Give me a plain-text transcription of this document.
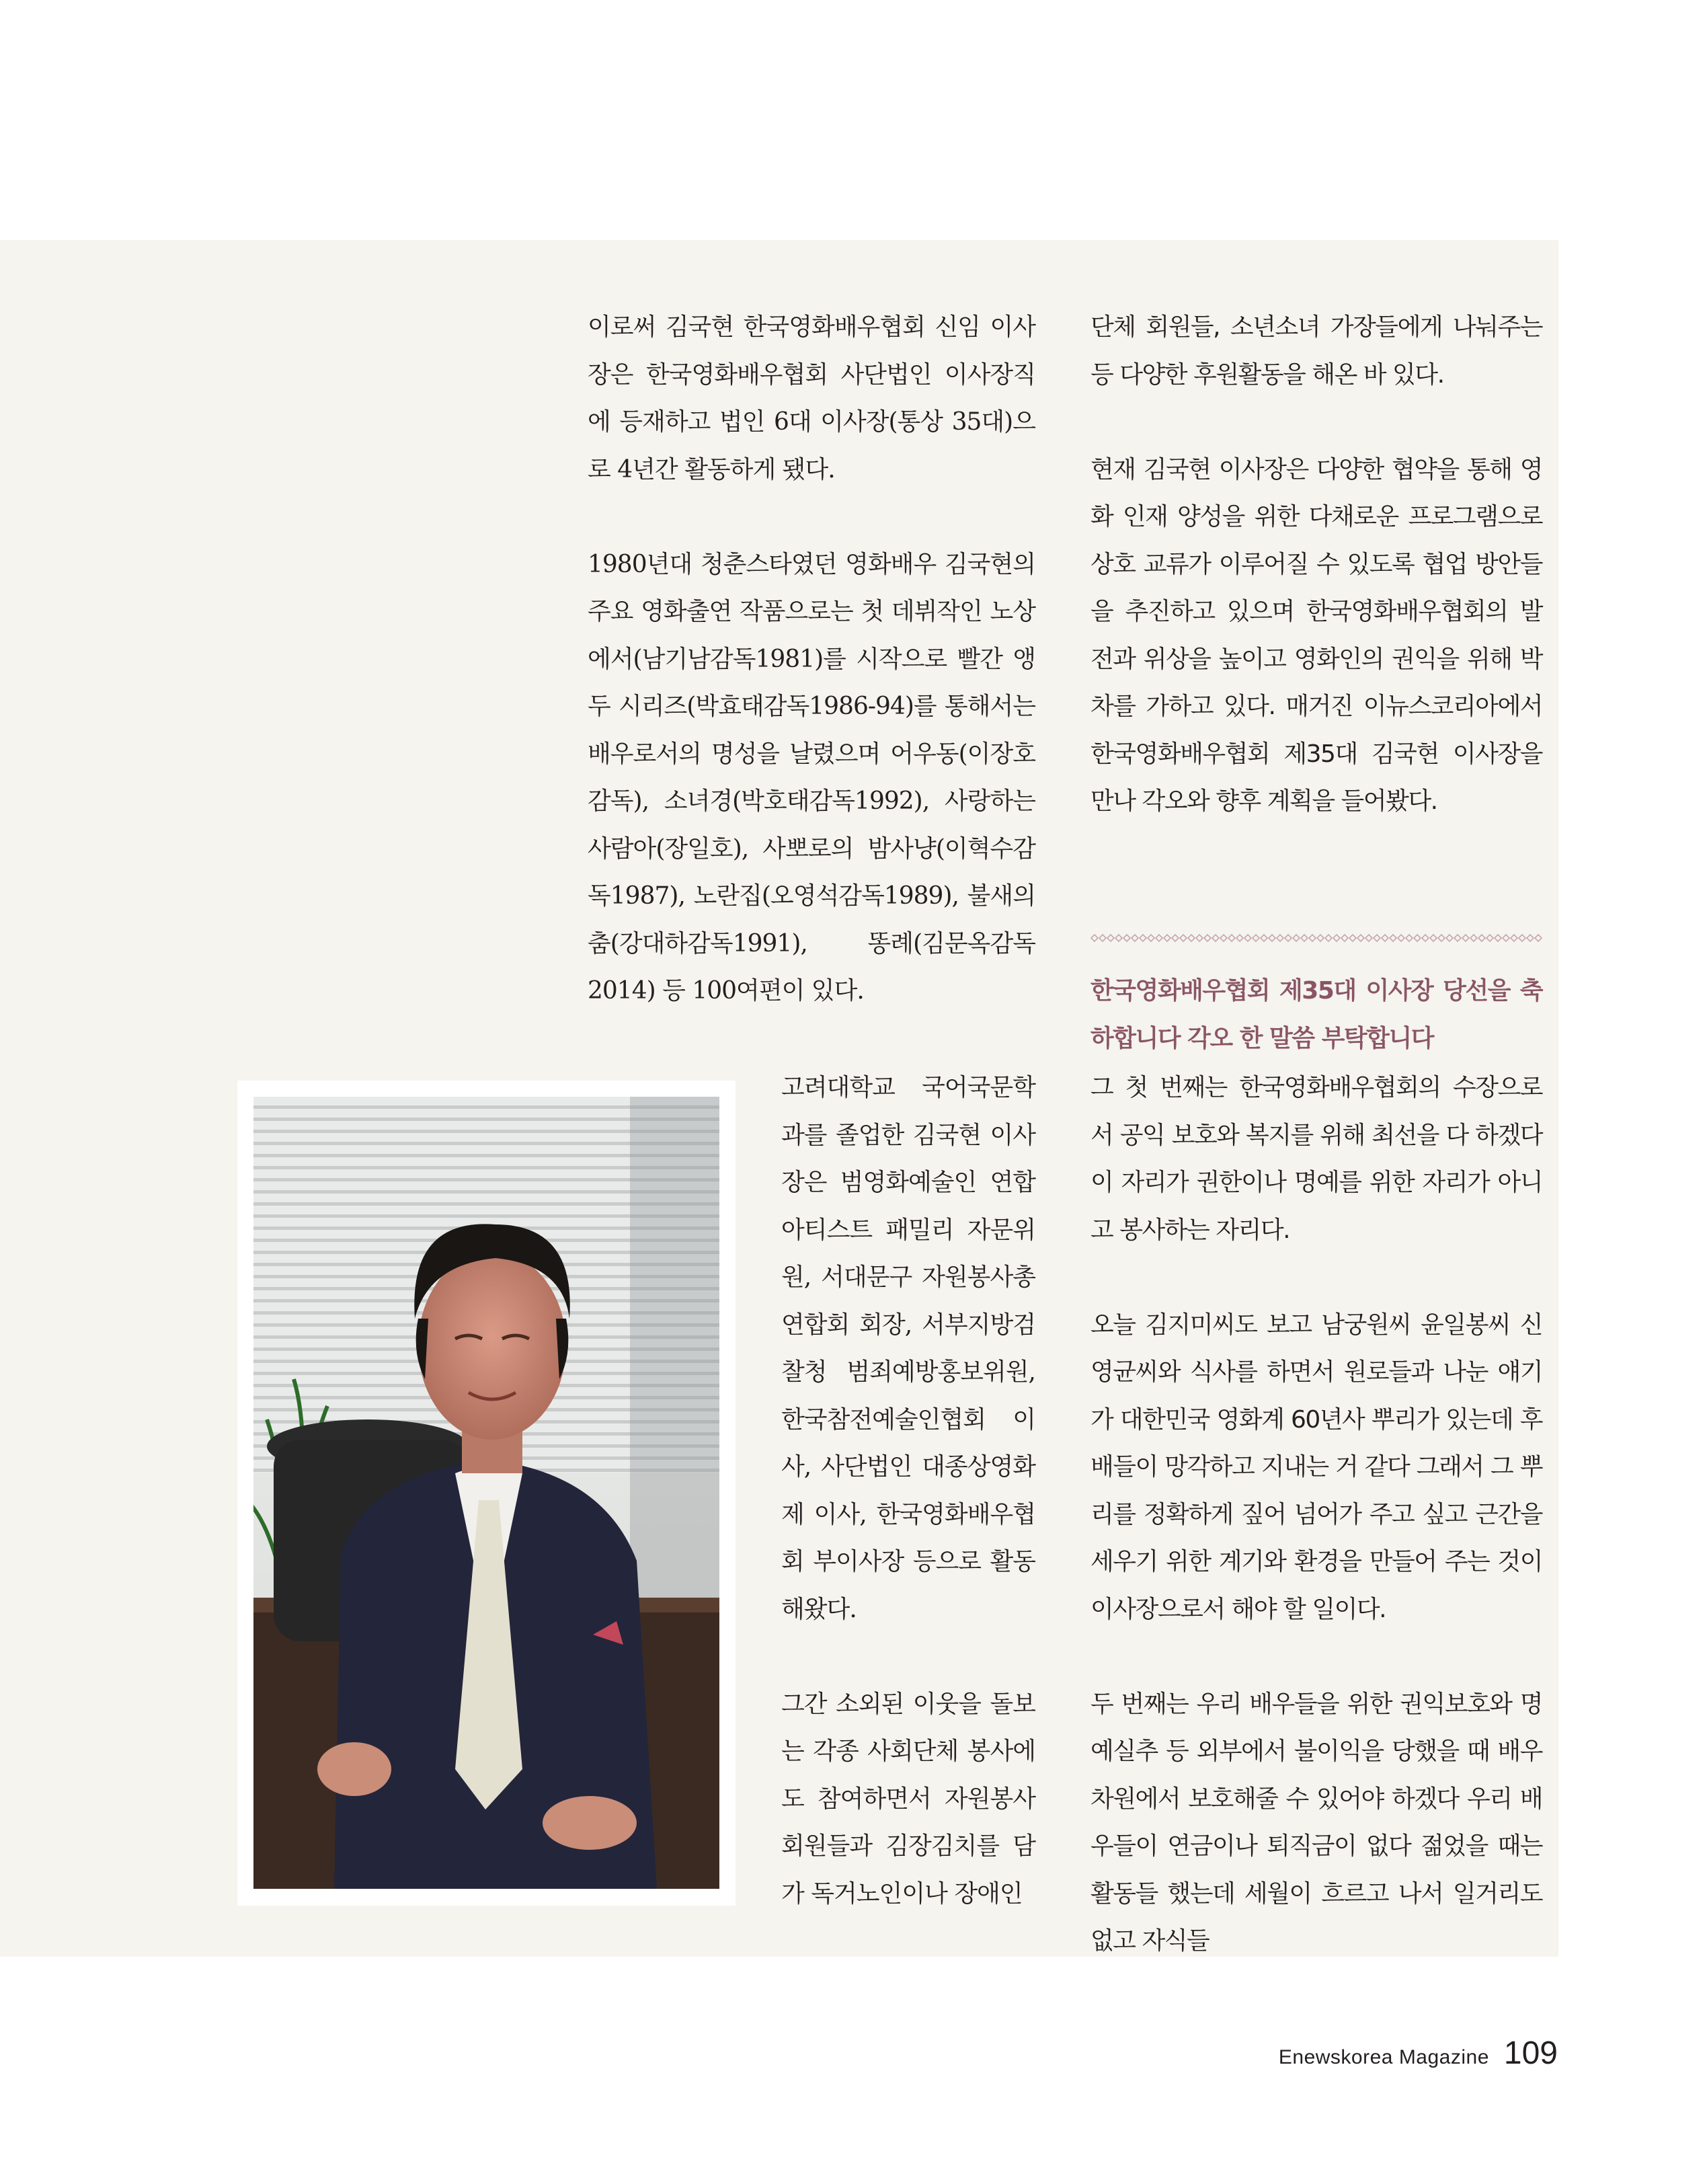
이로써 김국현 한국영화배우협회 신임 이사장은 한국영화배우협회 사단법인 이사장직에 등재하고 법인 6대 이사장(통상 35대)으로 4년간 활동하게 됐다.

1980년대 청춘스타였던 영화배우 김국현의 주요 영화출연 작품으로는 첫 데뷔작인 노상에서(남기남감독1981)를 시작으로 빨간 앵두 시리즈(박효태감독1986-94)를 통해서는 배우로서의 명성을 날렸으며 어우동(이장호감독), 소녀경(박호태감독1992), 사랑하는 사람아(장일호), 사뽀로의 밤사냥(이혁수감독1987), 노란집(오영석감독1989), 불새의 춤(강대하감독1991), 똥례(김문옥감독2014) 등 100여편이 있다.

고려대학교 국어국문학과를 졸업한 김국현 이사장은 범영화예술인 연합 아티스트 패밀리 자문위원, 서대문구 자원봉사총연합회 회장, 서부지방검찰청 범죄예방홍보위원, 한국참전예술인협회 이사, 사단법인 대종상영화제 이사, 한국영화배우협회 부이사장 등으로 활동해왔다.

그간 소외된 이웃을 돌보는 각종 사회단체 봉사에도 참여하면서 자원봉사 회원들과 김장김치를 담가 독거노인이나 장애인

단체 회원들, 소년소녀 가장들에게 나눠주는 등 다양한 후원활동을 해온 바 있다.

현재 김국현 이사장은 다양한 협약을 통해 영화 인재 양성을 위한 다채로운 프로그램으로 상호 교류가 이루어질 수 있도록 협업 방안들을 추진하고 있으며 한국영화배우협회의 발전과 위상을 높이고 영화인의 권익을 위해 박차를 가하고 있다. 매거진 이뉴스코리아에서 한국영화배우협회 제35대 김국현 이사장을 만나 각오와 향후 계획을 들어봤다.

한국영화배우협회 제35대 이사장 당선을 축하합니다 각오 한 말씀 부탁합니다

그 첫 번째는 한국영화배우협회의 수장으로서 공익 보호와 복지를 위해 최선을 다 하겠다 이 자리가 권한이나 명예를 위한 자리가 아니고 봉사하는 자리다.

오늘 김지미씨도 보고 남궁원씨 윤일봉씨 신영균씨와 식사를 하면서 원로들과 나눈 얘기가 대한민국 영화계 60년사 뿌리가 있는데 후배들이 망각하고 지내는 거 같다 그래서 그 뿌리를 정확하게 짚어 넘어가 주고 싶고 근간을 세우기 위한 계기와 환경을 만들어 주는 것이 이사장으로서 해야 할 일이다.

두 번째는 우리 배우들을 위한 권익보호와 명예실추 등 외부에서 불이익을 당했을 때 배우차원에서 보호해줄 수 있어야 하겠다 우리 배우들이 연금이나 퇴직금이 없다 젊었을 때는 활동들 했는데 세월이 흐르고 나서 일거리도 없고 자식들

Enewskorea Magazine 109
